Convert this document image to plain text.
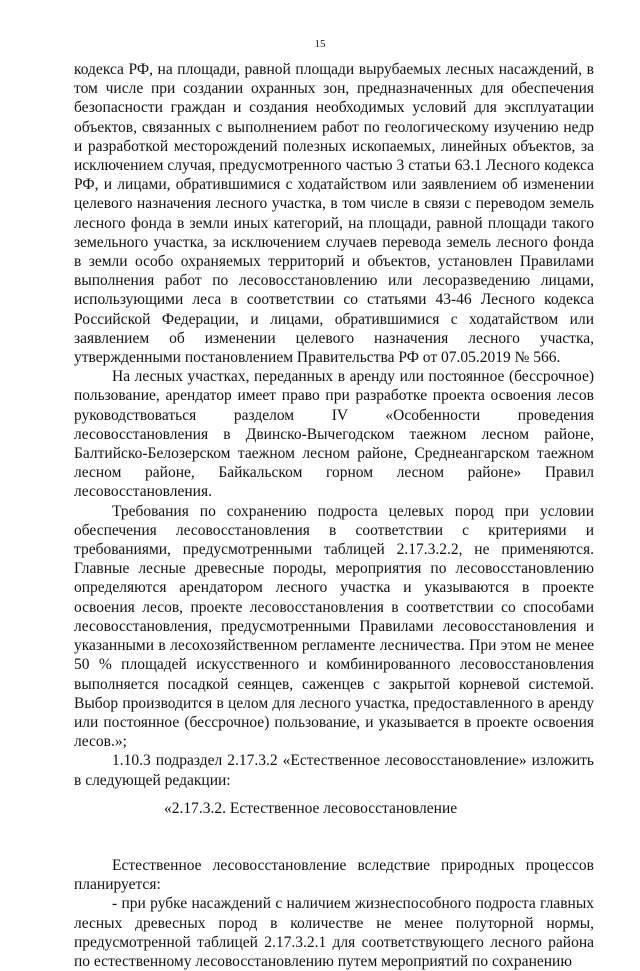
15

кодекса РФ, на площади, равной площади вырубаемых лесных насаждений, в том числе при создании охранных зон, предназначенных для обеспечения безопасности граждан и создания необходимых условий для эксплуатации объектов, связанных с выполнением работ по геологическому изучению недр и разработкой месторождений полезных ископаемых, линейных объектов, за исключением случая, предусмотренного частью 3 статьи 63.1 Лесного кодекса РФ, и лицами, обратившимися с ходатайством или заявлением об изменении целевого назначения лесного участка, в том числе в связи с переводом земель лесного фонда в земли иных категорий, на площади, равной площади такого земельного участка, за исключением случаев перевода земель лесного фонда в земли особо охраняемых территорий и объектов, установлен Правилами выполнения работ по лесовосстановлению или лесоразведению лицами, использующими леса в соответствии со статьями 43-46 Лесного кодекса Российской Федерации, и лицами, обратившимися с ходатайством или заявлением об изменении целевого назначения лесного участка, утвержденными постановлением Правительства РФ от 07.05.2019 № 566.

На лесных участках, переданных в аренду или постоянное (бессрочное) пользование, арендатор имеет право при разработке проекта освоения лесов руководствоваться разделом IV «Особенности проведения лесовосстановления в Двинско-Вычегодском таежном лесном районе, Балтийско-Белозерском таежном лесном районе, Среднеангарском таежном лесном районе, Байкальском горном лесном районе» Правил лесовосстановления.

Требования по сохранению подроста целевых пород при условии обеспечения лесовосстановления в соответствии с критериями и требованиями, предусмотренными таблицей 2.17.3.2.2, не применяются. Главные лесные древесные породы, мероприятия по лесовосстановлению определяются арендатором лесного участка и указываются в проекте освоения лесов, проекте лесовосстановления в соответствии со способами лесовосстановления, предусмотренными Правилами лесовосстановления и указанными в лесохозяйственном регламенте лесничества. При этом не менее 50 % площадей искусственного и комбинированного лесовосстановления выполняется посадкой сеянцев, саженцев с закрытой корневой системой. Выбор производится в целом для лесного участка, предоставленного в аренду или постоянное (бессрочное) пользование, и указывается в проекте освоения лесов.»;

1.10.3 подраздел 2.17.3.2 «Естественное лесовосстановление» изложить в следующей редакции:

«2.17.3.2. Естественное лесовосстановление

Естественное лесовосстановление вследствие природных процессов планируется:

- при рубке насаждений с наличием жизнеспособного подроста главных лесных древесных пород в количестве не менее полуторной нормы, предусмотренной таблицей 2.17.3.2.1 для соответствующего лесного района по естественному лесовосстановлению путем мероприятий по сохранению
